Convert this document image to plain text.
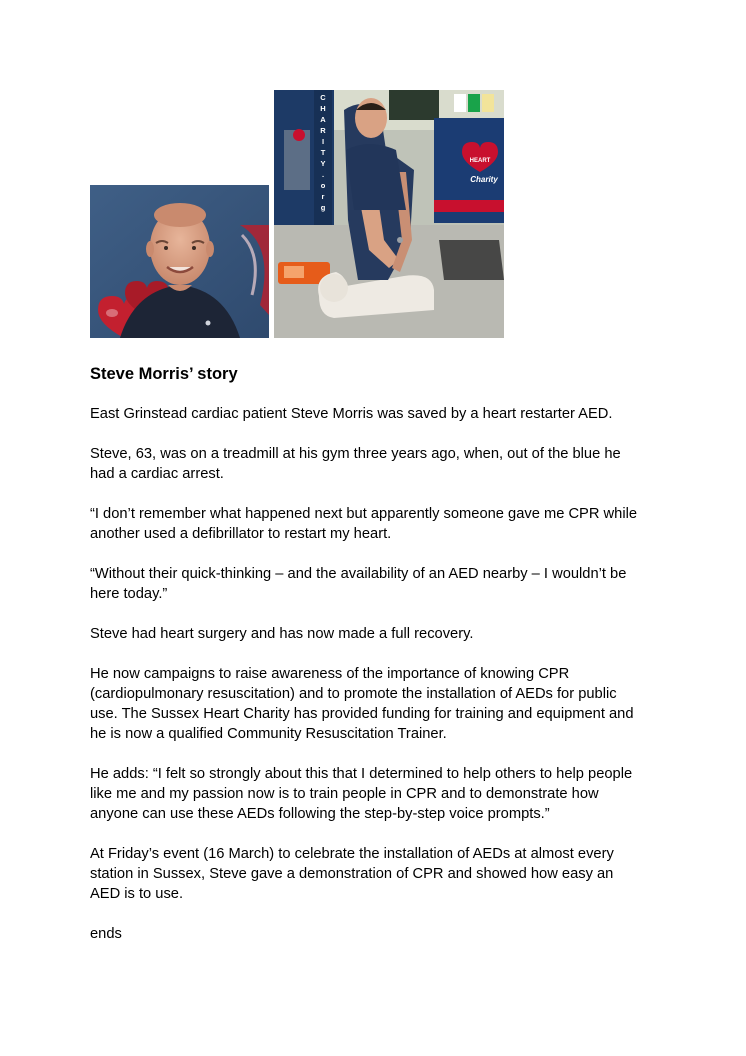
C H A R I T Y . o r g
HEART
Charity
Steve Morris’ story

East Grinstead cardiac patient Steve Morris was saved by a heart restarter AED.

Steve, 63, was on a treadmill at his gym three years ago, when, out of the blue he
had a cardiac arrest.

“I don’t remember what happened next but apparently someone gave me CPR while
another used a defibrillator to restart my heart.

“Without their quick-thinking – and the availability of an AED nearby – I wouldn’t be
here today.”

Steve had heart surgery and has now made a full recovery.

He now campaigns to raise awareness of the importance of knowing CPR
(cardiopulmonary resuscitation) and to promote the installation of AEDs for public
use. The Sussex Heart Charity has provided funding for training and equipment and
he is now a qualified Community Resuscitation Trainer.

He adds: “I felt so strongly about this that I determined to help others to help people
like me and my passion now is to train people in CPR and to demonstrate how
anyone can use these AEDs following the step-by-step voice prompts.”

At Friday’s event (16 March) to celebrate the installation of AEDs at almost every
station in Sussex, Steve gave a demonstration of CPR and showed how easy an
AED is to use.

ends
